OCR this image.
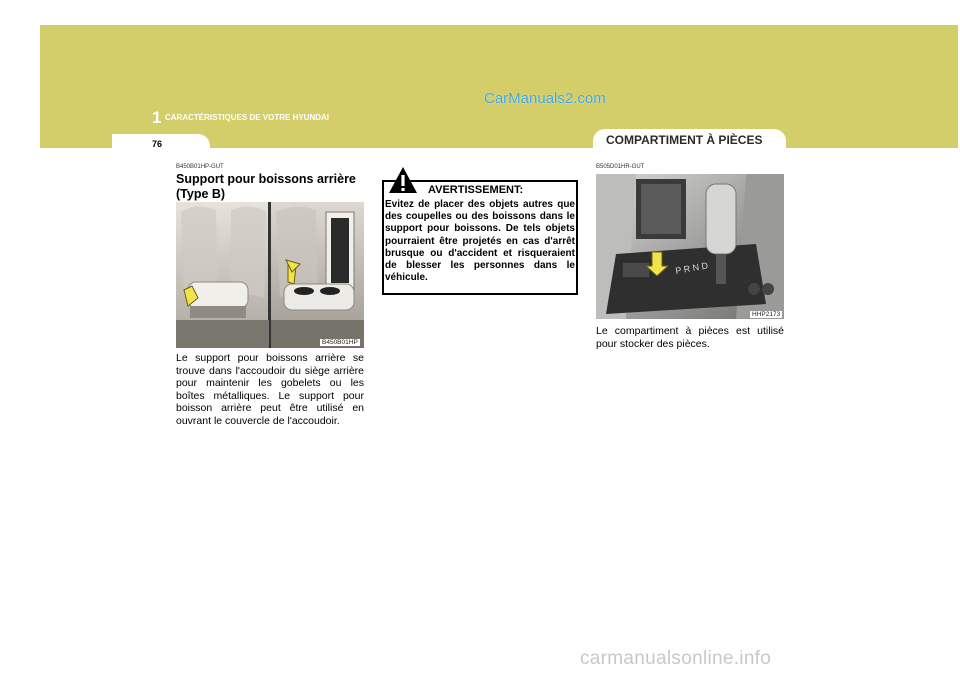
1 CARACTÉRISTIQUES DE VOTRE HYUNDAI
CarManuals2.com
76	COMPARTIMENT À PIÈCES
B450B01HP-GUT
Support pour boissons arrière (Type B)
B450B01HP
Le support pour boissons arrière se trouve dans l'accoudoir du siège arrière pour maintenir les gobelets ou les boîtes métalliques. Le support pour boisson arrière peut être utilisé en ouvrant le couvercle de l'accoudoir.
AVERTISSEMENT:
Evitez de placer des objets autres que des coupelles ou des boissons dans le support pour boissons. De tels objets pourraient être projetés en cas d'arrêt brusque ou d'accident et risqueraient de blesser les personnes dans le véhicule.
B505D01HR-GUT
P R N D
HHP2173
Le compartiment à pièces est utilisé pour stocker des pièces.
carmanualsonline.info
